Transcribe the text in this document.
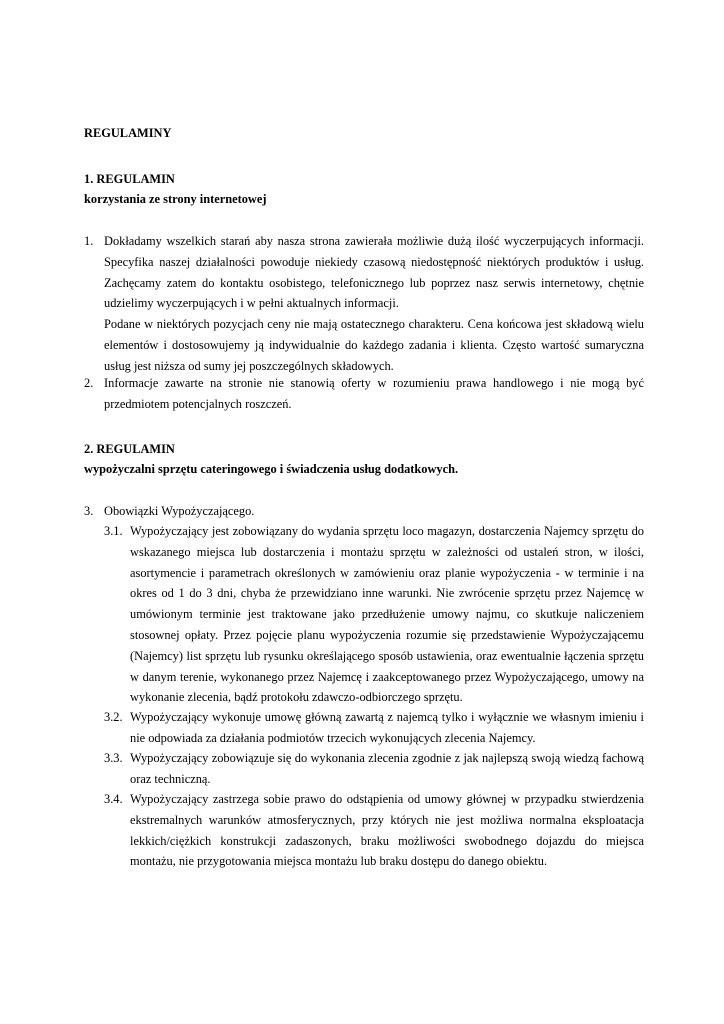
REGULAMINY
1. REGULAMIN
korzystania ze strony internetowej
1. Dokładamy wszelkich starań aby nasza strona zawierała możliwie dużą ilość wyczerpujących informacji. Specyfika naszej działalności powoduje niekiedy czasową niedostępność niektórych produktów i usług. Zachęcamy zatem do kontaktu osobistego, telefonicznego lub poprzez nasz serwis internetowy, chętnie udzielimy wyczerpujących i w pełni aktualnych informacji.
Podane w niektórych pozycjach ceny nie mają ostatecznego charakteru. Cena końcowa jest składową wielu elementów i dostosowujemy ją indywidualnie do każdego zadania i klienta. Często wartość sumaryczna usług jest niższa od sumy jej poszczególnych składowych.
2. Informacje zawarte na stronie nie stanowią oferty w rozumieniu prawa handlowego i nie mogą być przedmiotem potencjalnych roszczeń.
2. REGULAMIN
wypożyczalni sprzętu cateringowego i świadczenia usług dodatkowych.
3. Obowiązki Wypożyczającego.
3.1. Wypożyczający jest zobowiązany do wydania sprzętu loco magazyn, dostarczenia Najemcy sprzętu do wskazanego miejsca lub dostarczenia i montażu sprzętu w zależności od ustaleń stron, w ilości, asortymencie i parametrach określonych w zamówieniu oraz planie wypożyczenia - w terminie i na okres od 1 do 3 dni, chyba że przewidziano inne warunki. Nie zwrócenie sprzętu przez Najemcę w umówionym terminie jest traktowane jako przedłużenie umowy najmu, co skutkuje naliczeniem stosownej opłaty. Przez pojęcie planu wypożyczenia rozumie się przedstawienie Wypożyczającemu (Najemcy) list sprzętu lub rysunku określającego sposób ustawienia, oraz ewentualnie łączenia sprzętu w danym terenie, wykonanego przez Najemcę i zaakceptowanego przez Wypożyczającego, umowy na wykonanie zlecenia, bądź protokołu zdawczo-odbiorczego sprzętu.
3.2. Wypożyczający wykonuje umowę główną zawartą z najemcą tylko i wyłącznie we własnym imieniu i nie odpowiada za działania podmiotów trzecich wykonujących zlecenia Najemcy.
3.3. Wypożyczający zobowiązuje się do wykonania zlecenia zgodnie z jak najlepszą swoją wiedzą fachową oraz techniczną.
3.4. Wypożyczający zastrzega sobie prawo do odstąpienia od umowy głównej w przypadku stwierdzenia ekstremalnych warunków atmosferycznych, przy których nie jest możliwa normalna eksploatacja lekkich/ciężkich konstrukcji zadaszonych, braku możliwości swobodnego dojazdu do miejsca montażu, nie przygotowania miejsca montażu lub braku dostępu do danego obiektu.
